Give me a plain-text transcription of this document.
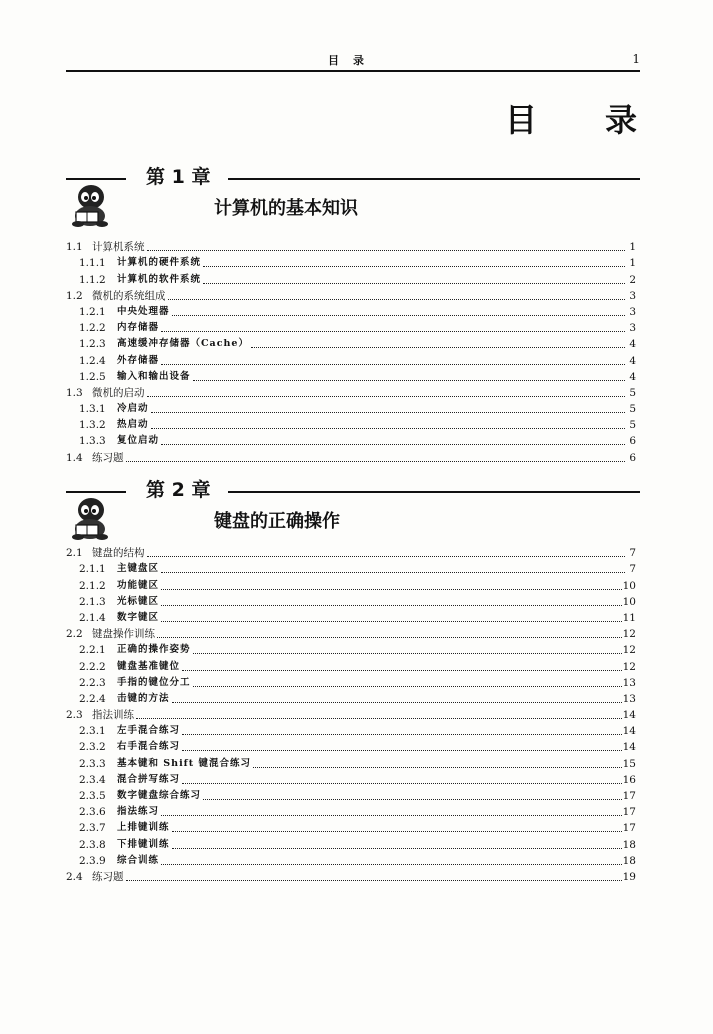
目录	1
目录
第 1 章
计算机的基本知识
1.1 计算机系统	1
1.1.1	计算机的硬件系统	1
1.1.2	计算机的软件系统	2
1.2 微机的系统组成	3
1.2.1	中央处理器	3
1.2.2	内存储器	3
1.2.3	高速缓冲存储器（Cache）	4
1.2.4	外存储器	4
1.2.5	输入和输出设备	4
1.3 微机的启动	5
1.3.1	冷启动	5
1.3.2	热启动	5
1.3.3	复位启动	6
1.4 练习题	6
第 2 章
键盘的正确操作
2.1 键盘的结构	7
2.1.1	主键盘区	7
2.1.2	功能键区	10
2.1.3	光标键区	10
2.1.4	数字键区	11
2.2 键盘操作训练	12
2.2.1	正确的操作姿势	12
2.2.2	键盘基准键位	12
2.2.3	手指的键位分工	13
2.2.4	击键的方法	13
2.3 指法训练	14
2.3.1	左手混合练习	14
2.3.2	右手混合练习	14
2.3.3	基本键和 Shift 键混合练习	15
2.3.4	混合拼写练习	16
2.3.5	数字键盘综合练习	17
2.3.6	指法练习	17
2.3.7	上排键训练	17
2.3.8	下排键训练	18
2.3.9	综合训练	18
2.4 练习题	19
